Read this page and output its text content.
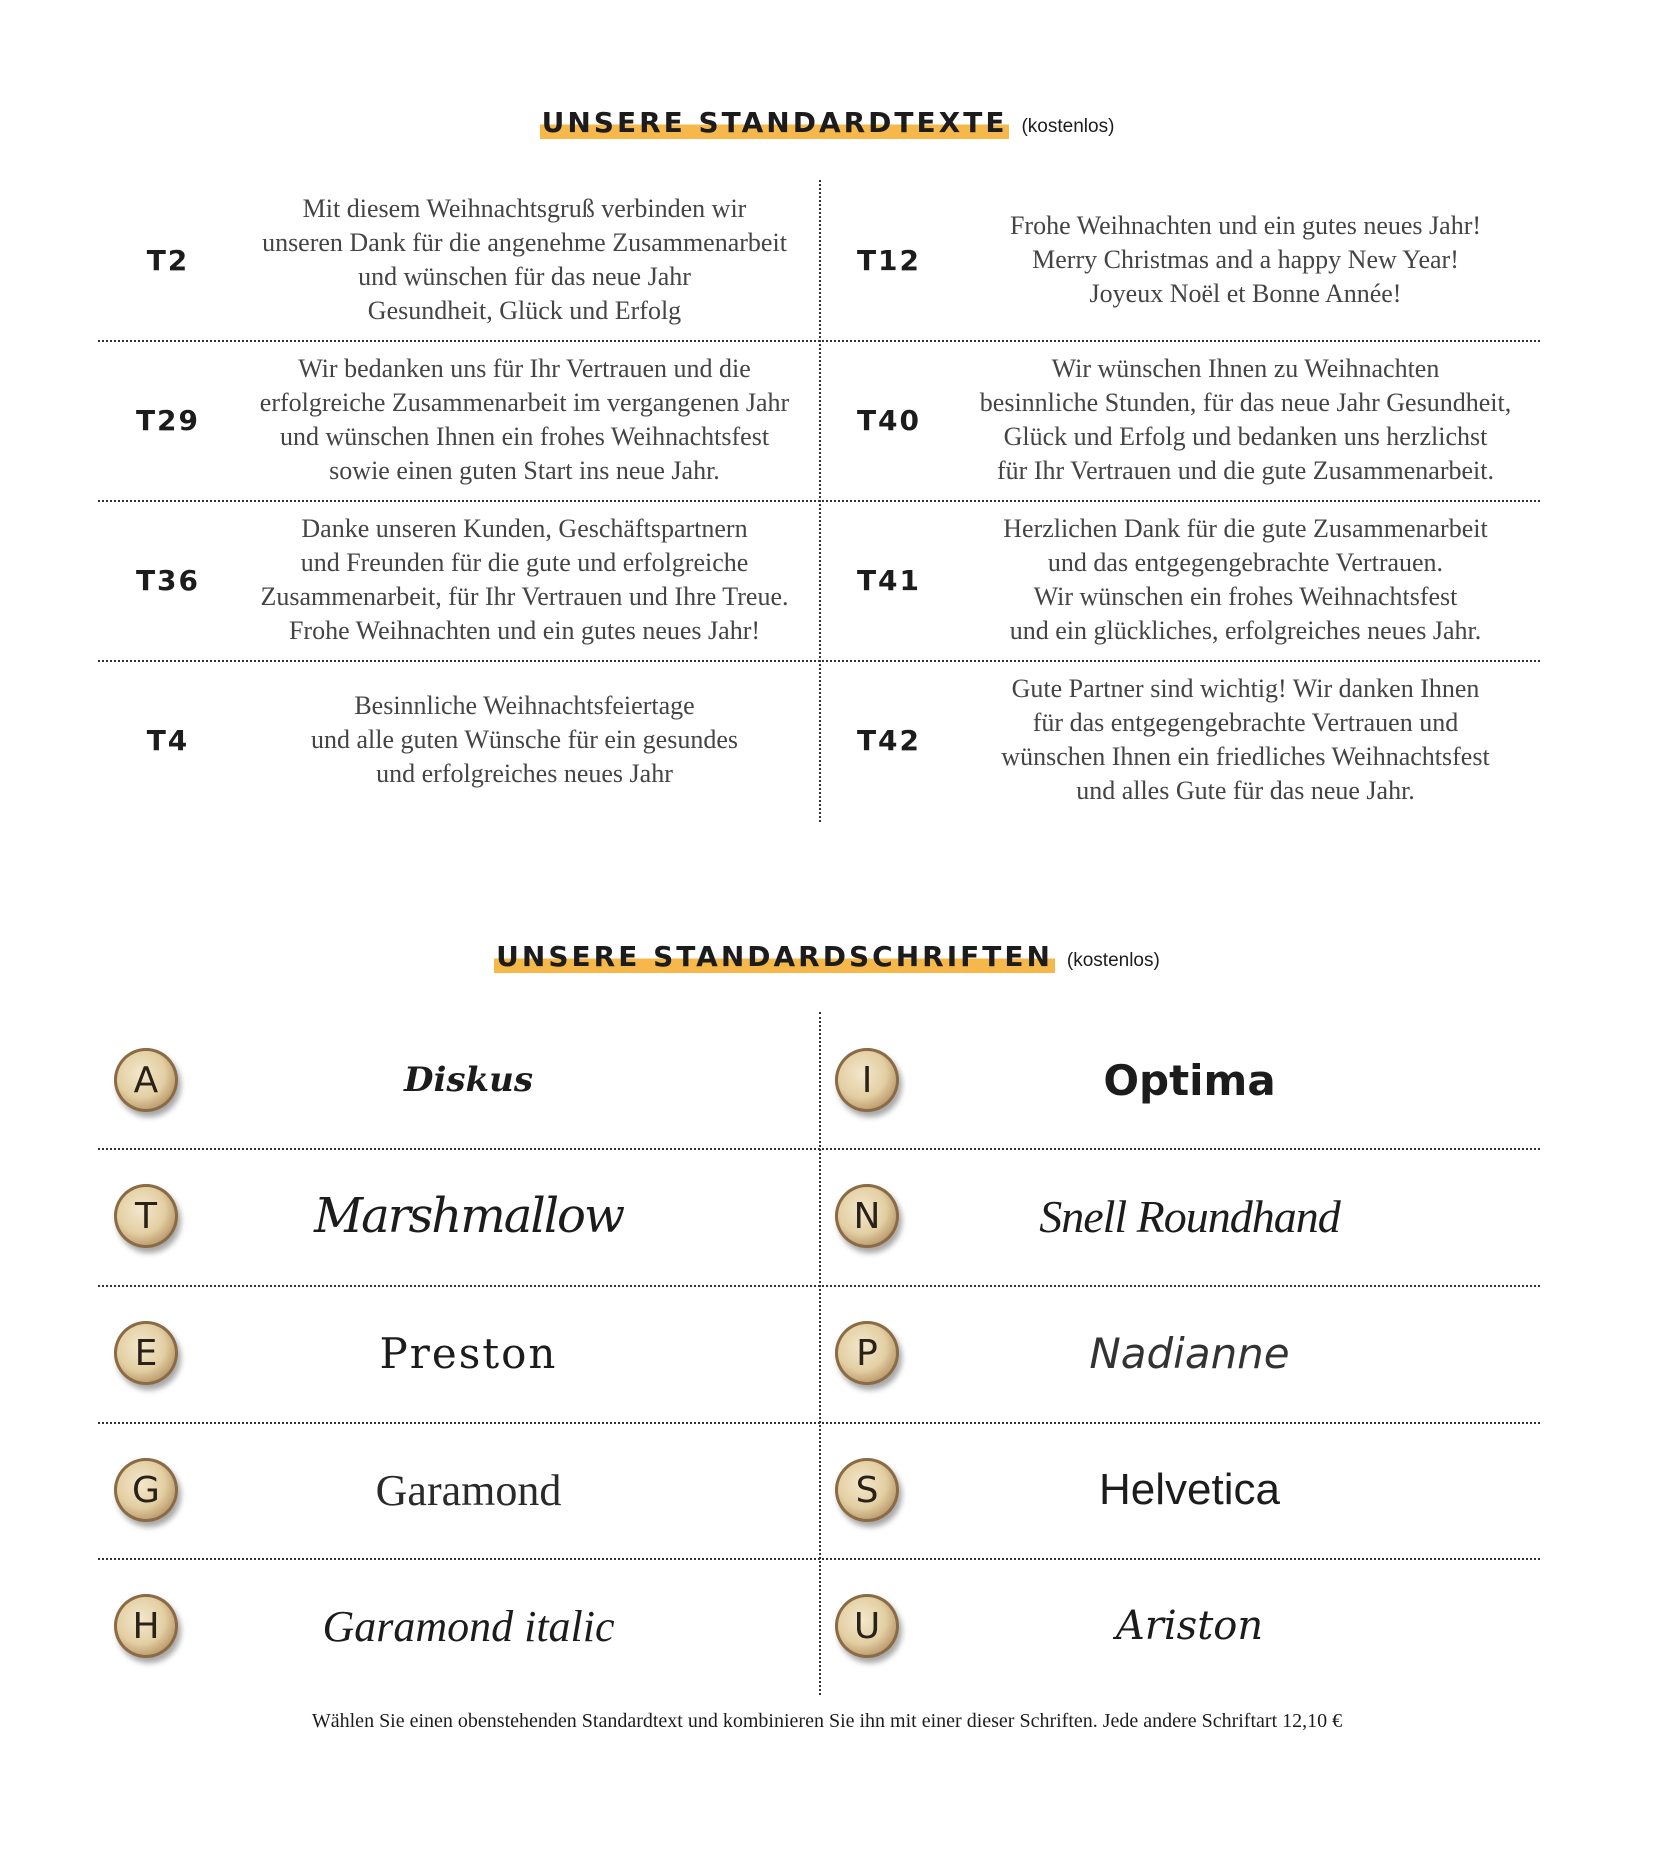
UNSERE STANDARDTEXTE (kostenlos)
T2
Mit diesem Weihnachtsgruß verbinden wir
unseren Dank für die angenehme Zusammenarbeit
und wünschen für das neue Jahr
Gesundheit, Glück und Erfolg
T12
Frohe Weihnachten und ein gutes neues Jahr!
Merry Christmas and a happy New Year!
Joyeux Noël et Bonne Année!
T29
Wir bedanken uns für Ihr Vertrauen und die
erfolgreiche Zusammenarbeit im vergangenen Jahr
und wünschen Ihnen ein frohes Weihnachtsfest
sowie einen guten Start ins neue Jahr.
T40
Wir wünschen Ihnen zu Weihnachten
besinnliche Stunden, für das neue Jahr Gesundheit,
Glück und Erfolg und bedanken uns herzlichst
für Ihr Vertrauen und die gute Zusammenarbeit.
T36
Danke unseren Kunden, Geschäftspartnern
und Freunden für die gute und erfolgreiche
Zusammenarbeit, für Ihr Vertrauen und Ihre Treue.
Frohe Weihnachten und ein gutes neues Jahr!
T41
Herzlichen Dank für die gute Zusammenarbeit
und das entgegengebrachte Vertrauen.
Wir wünschen ein frohes Weihnachtsfest
und ein glückliches, erfolgreiches neues Jahr.
T4
Besinnliche Weihnachtsfeiertage
und alle guten Wünsche für ein gesundes
und erfolgreiches neues Jahr
T42
Gute Partner sind wichtig! Wir danken Ihnen
für das entgegengebrachte Vertrauen und
wünschen Ihnen ein friedliches Weihnachtsfest
und alles Gute für das neue Jahr.
UNSERE STANDARDSCHRIFTEN (kostenlos)
A	Diskus	I	Optima
T	Marshmallow	N	Snell Roundhand
E	Preston	P	Nadianne
G	Garamond	S	Helvetica
H	Garamond italic	U	Ariston
Wählen Sie einen obenstehenden Standardtext und kombinieren Sie ihn mit einer dieser Schriften. Jede andere Schriftart 12,10 €
